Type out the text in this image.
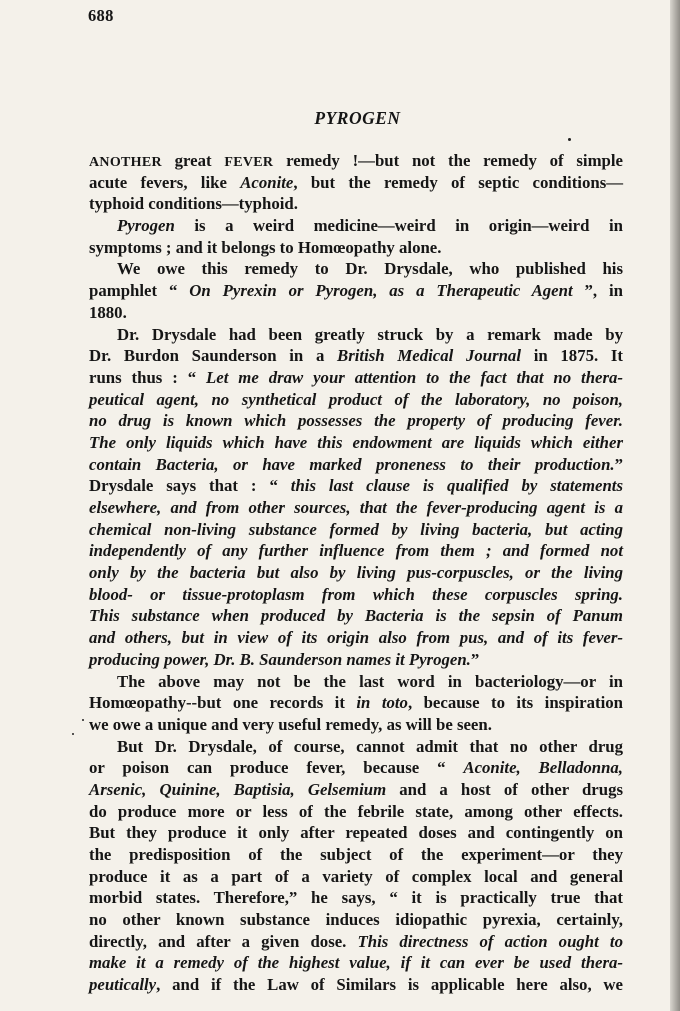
688
PYROGEN
ANOTHER great FEVER remedy !—but not the remedy of simple
acute fevers, like Aconite, but the remedy of septic conditions—
typhoid conditions—typhoid.
Pyrogen is a weird medicine—weird in origin—weird in
symptoms ; and it belongs to Homœopathy alone.
We owe this remedy to Dr. Drysdale, who published his
pamphlet “ On Pyrexin or Pyrogen, as a Therapeutic Agent ”, in
1880.
Dr. Drysdale had been greatly struck by a remark made by
Dr. Burdon Saunderson in a British Medical Journal in 1875. It
runs thus : “ Let me draw your attention to the fact that no thera-
peutical agent, no synthetical product of the laboratory, no poison,
no drug is known which possesses the property of producing fever.
The only liquids which have this endowment are liquids which either
contain Bacteria, or have marked proneness to their production.”
Drysdale says that : “ this last clause is qualified by statements
elsewhere, and from other sources, that the fever-producing agent is a
chemical non-living substance formed by living bacteria, but acting
independently of any further influence from them ; and formed not
only by the bacteria but also by living pus-corpuscles, or the living
blood- or tissue-protoplasm from which these corpuscles spring.
This substance when produced by Bacteria is the sepsin of Panum
and others, but in view of its origin also from pus, and of its fever-
producing power, Dr. B. Saunderson names it Pyrogen.”
The above may not be the last word in bacteriology—or in
Homœopathy--but one records it in toto, because to its inspiration
we owe a unique and very useful remedy, as will be seen.
But Dr. Drysdale, of course, cannot admit that no other drug
or poison can produce fever, because “ Aconite, Belladonna,
Arsenic, Quinine, Baptisia, Gelsemium and a host of other drugs
do produce more or less of the febrile state, among other effects.
But they produce it only after repeated doses and contingently on
the predisposition of the subject of the experiment—or they
produce it as a part of a variety of complex local and general
morbid states. Therefore,” he says, “ it is practically true that
no other known substance induces idiopathic pyrexia, certainly,
directly, and after a given dose. This directness of action ought to
make it a remedy of the highest value, if it can ever be used thera-
peutically, and if the Law of Similars is applicable here also, we
